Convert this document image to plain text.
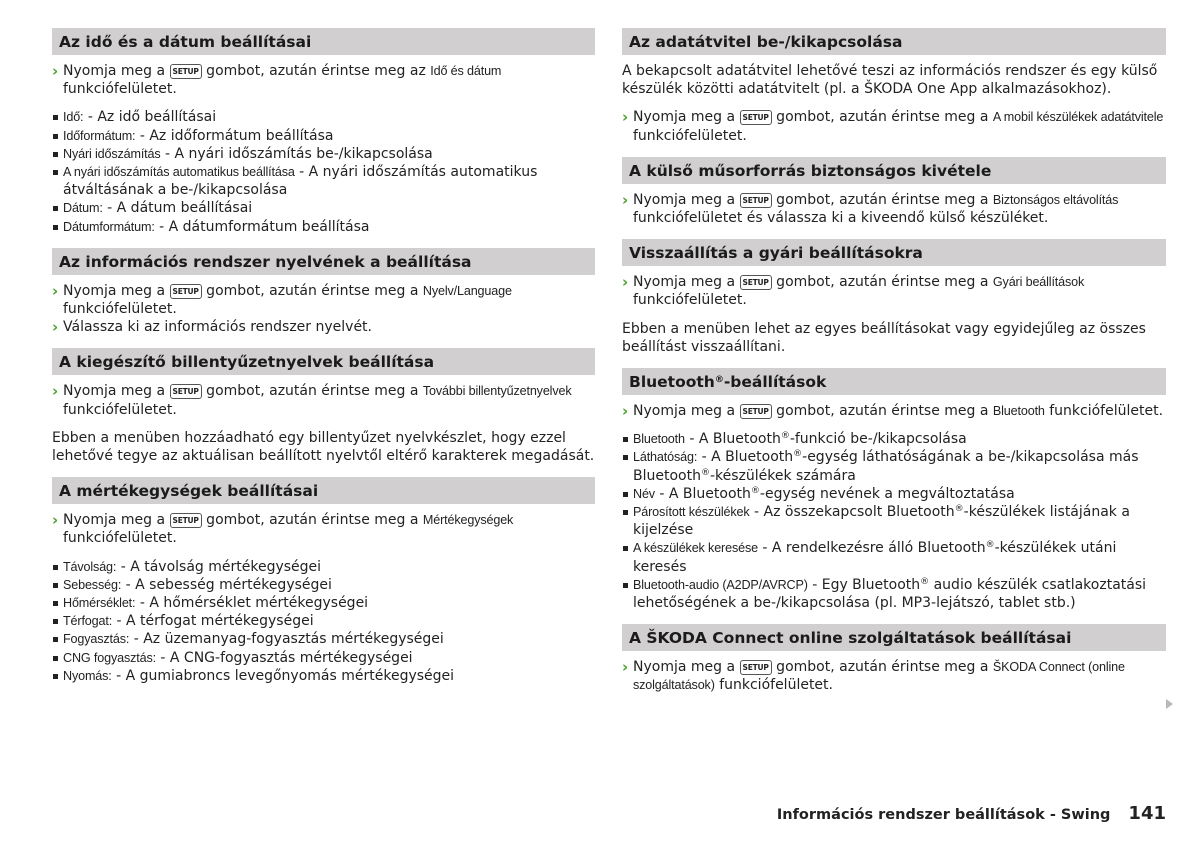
Az idő és a dátum beállításai
› Nyomja meg a SETUP gombot, azután érintse meg az Idő és dátum funkciófelületet.
Idő: - Az idő beállításai
Időformátum: - Az időformátum beállítása
Nyári időszámítás - A nyári időszámítás be-/kikapcsolása
A nyári időszámítás automatikus beállítása - A nyári időszámítás automatikus átváltásának a be-/kikapcsolása
Dátum: - A dátum beállításai
Dátumformátum: - A dátumformátum beállítása
Az információs rendszer nyelvének a beállítása
› Nyomja meg a SETUP gombot, azután érintse meg a Nyelv/Language funkciófelületet.
› Válassza ki az információs rendszer nyelvét.
A kiegészítő billentyűzetnyelvek beállítása
› Nyomja meg a SETUP gombot, azután érintse meg a További billentyűzetnyelvek funkciófelületet.
Ebben a menüben hozzáadható egy billentyűzet nyelvkészlet, hogy ezzel lehetővé tegye az aktuálisan beállított nyelvtől eltérő karakterek megadását.
A mértékegységek beállításai
› Nyomja meg a SETUP gombot, azután érintse meg a Mértékegységek funkciófelületet.
Távolság: - A távolság mértékegységei
Sebesség: - A sebesség mértékegységei
Hőmérséklet: - A hőmérséklet mértékegységei
Térfogat: - A térfogat mértékegységei
Fogyasztás: - Az üzemanyag-fogyasztás mértékegységei
CNG fogyasztás: - A CNG-fogyasztás mértékegységei
Nyomás: - A gumiabroncs levegőnyomás mértékegységei
Az adatátvitel be-/kikapcsolása
A bekapcsolt adatátvitel lehetővé teszi az információs rendszer és egy külső készülék közötti adatátvitelt (pl. a ŠKODA One App alkalmazásokhoz).
› Nyomja meg a SETUP gombot, azután érintse meg a A mobil készülékek adatátvitele funkciófelületet.
A külső műsorforrás biztonságos kivétele
› Nyomja meg a SETUP gombot, azután érintse meg a Biztonságos eltávolítás funkciófelületet és válassza ki a kiveendő külső készüléket.
Visszaállítás a gyári beállításokra
› Nyomja meg a SETUP gombot, azután érintse meg a Gyári beállítások funkciófelületet.
Ebben a menüben lehet az egyes beállításokat vagy egyidejűleg az összes beállítást visszaállítani.
Bluetooth®-beállítások
› Nyomja meg a SETUP gombot, azután érintse meg a Bluetooth funkciófelületet.
Bluetooth - A Bluetooth®-funkció be-/kikapcsolása
Láthatóság: - A Bluetooth®-egység láthatóságának a be-/kikapcsolása más Bluetooth®-készülékek számára
Név - A Bluetooth®-egység nevének a megváltoztatása
Párosított készülékek - Az összekapcsolt Bluetooth®-készülékek listájának a kijelzése
A készülékek keresése - A rendelkezésre álló Bluetooth®-készülékek utáni keresés
Bluetooth-audio (A2DP/AVRCP) - Egy Bluetooth® audio készülék csatlakoztatási lehetőségének a be-/kikapcsolása (pl. MP3-lejátszó, tablet stb.)
A ŠKODA Connect online szolgáltatások beállításai
› Nyomja meg a SETUP gombot, azután érintse meg a ŠKODA Connect (online szolgáltatások) funkciófelületet.
Információs rendszer beállítások - Swing 141
